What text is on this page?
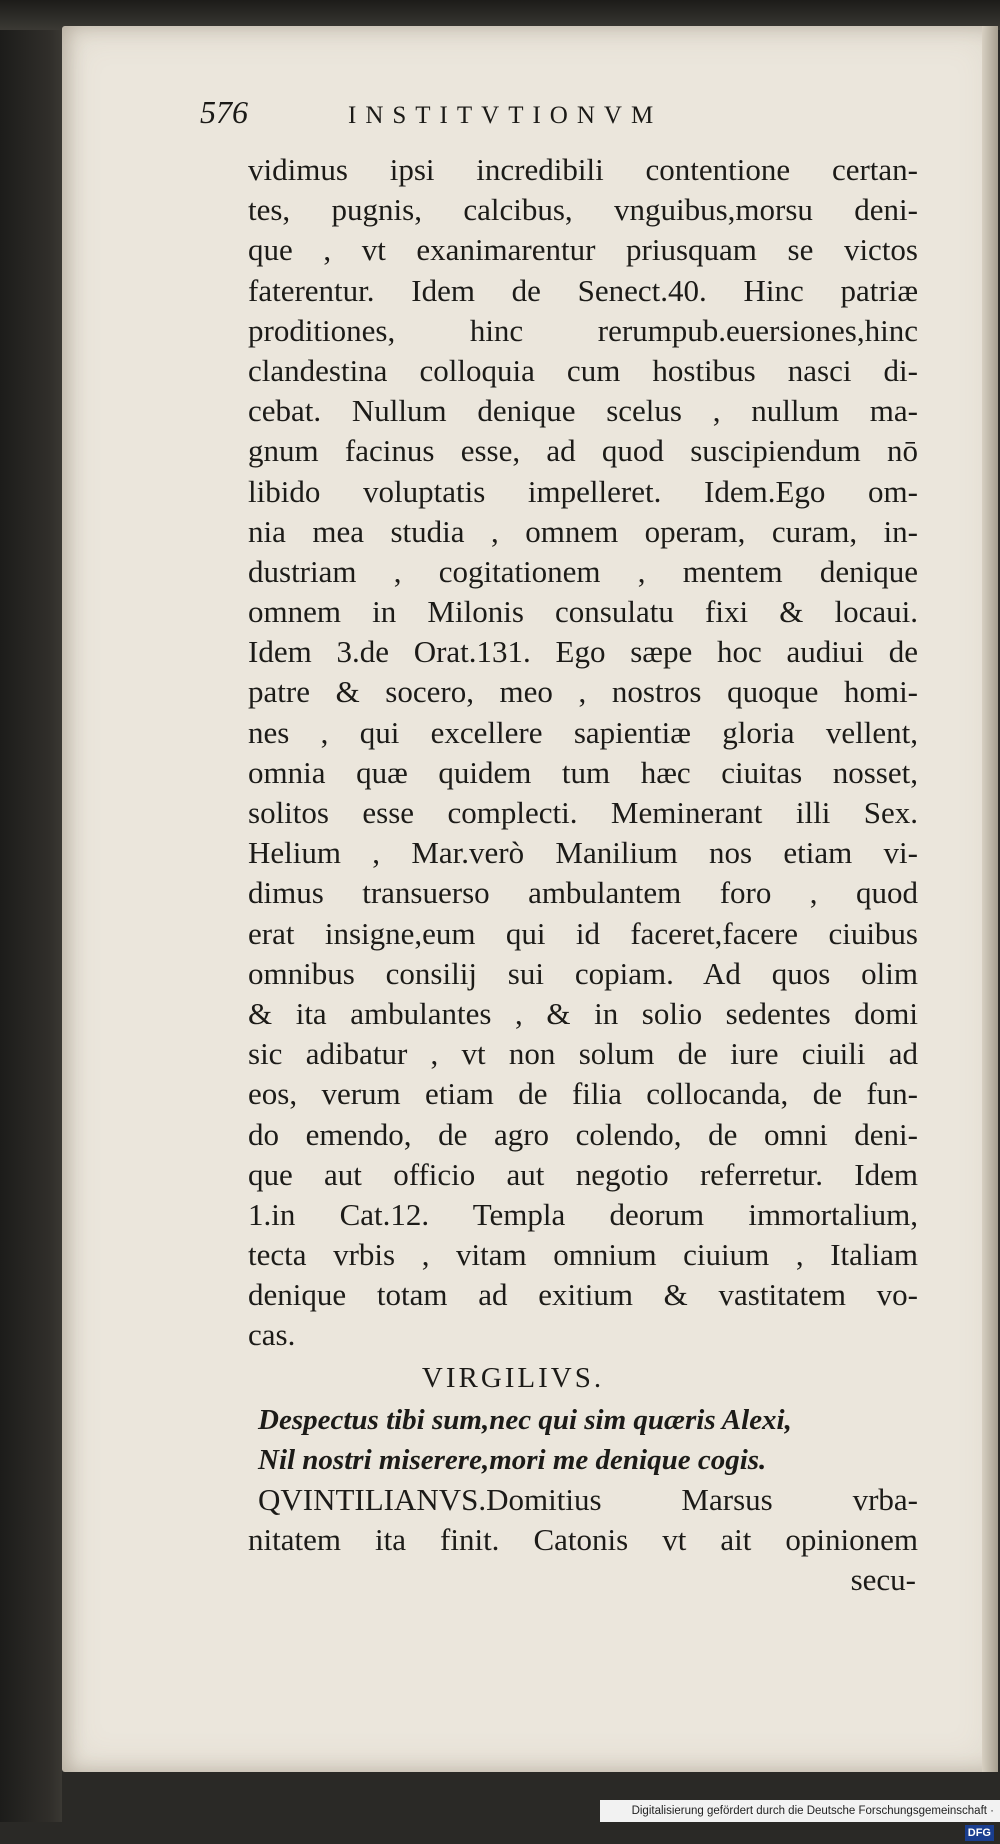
576	INSTITVTIONVM
vidimus ipsi incredibili contentione certan-
tes, pugnis, calcibus, vnguibus,morsu deni-
que , vt exanimarentur priusquam se victos
faterentur. Idem de Senect.40. Hinc patriæ
proditiones, hinc rerumpub.euersiones,hinc
clandestina colloquia cum hostibus nasci di-
cebat. Nullum denique scelus , nullum ma-
gnum facinus esse, ad quod suscipiendum nō
libido voluptatis impelleret. Idem.Ego om-
nia mea studia , omnem operam, curam, in-
dustriam , cogitationem , mentem denique
omnem in Milonis consulatu fixi & locaui.
Idem 3.de Orat.131. Ego sæpe hoc audiui de
patre & socero, meo , nostros quoque homi-
nes , qui excellere sapientiæ gloria vellent,
omnia quæ quidem tum hæc ciuitas nosset,
solitos esse complecti. Meminerant illi Sex.
Helium , Mar.verò Manilium nos etiam vi-
dimus transuerso ambulantem foro , quod
erat insigne,eum qui id faceret,facere ciuibus
omnibus consilij sui copiam. Ad quos olim
& ita ambulantes , & in solio sedentes domi
sic adibatur , vt non solum de iure ciuili ad
eos, verum etiam de filia collocanda, de fun-
do emendo, de agro colendo, de omni deni-
que aut officio aut negotio referretur. Idem
1.in Cat.12. Templa deorum immortalium,
tecta vrbis , vitam omnium ciuium , Italiam
denique totam ad exitium & vastitatem vo-
cas.
VIRGILIVS.
Despectus tibi sum,nec qui sim quæris Alexi,
Nil nostri miserere,mori me denique cogis.
QVINTILIANVS.Domitius Marsus vrba-
nitatem ita finit. Catonis vt ait opinionem
secu-
Digitalisierung gefördert durch die Deutsche Forschungsgemeinschaft · DFG
